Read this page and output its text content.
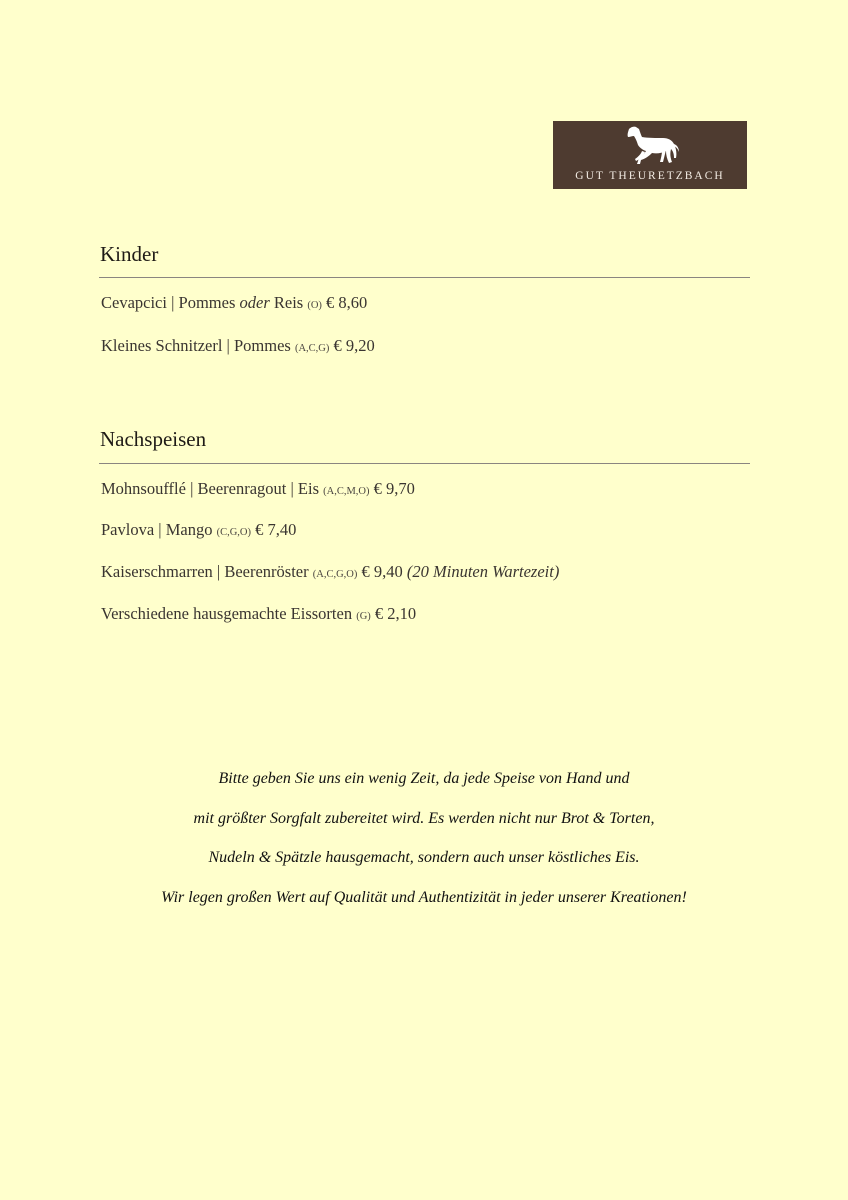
GUT THEURETZBACH
Kinder
Cevapcici | Pommes oder Reis (O) € 8,60
Kleines Schnitzerl | Pommes (A,C,G) € 9,20
Nachspeisen
Mohnsoufflé | Beerenragout | Eis (A,C,M,O) € 9,70
Pavlova | Mango (C,G,O) € 7,40
Kaiserschmarren | Beerenröster (A,C,G,O) € 9,40 (20 Minuten Wartezeit)
Verschiedene hausgemachte Eissorten (G) € 2,10
Bitte geben Sie uns ein wenig Zeit, da jede Speise von Hand und
mit größter Sorgfalt zubereitet wird. Es werden nicht nur Brot & Torten,
Nudeln & Spätzle hausgemacht, sondern auch unser köstliches Eis.
Wir legen großen Wert auf Qualität und Authentizität in jeder unserer Kreationen!
